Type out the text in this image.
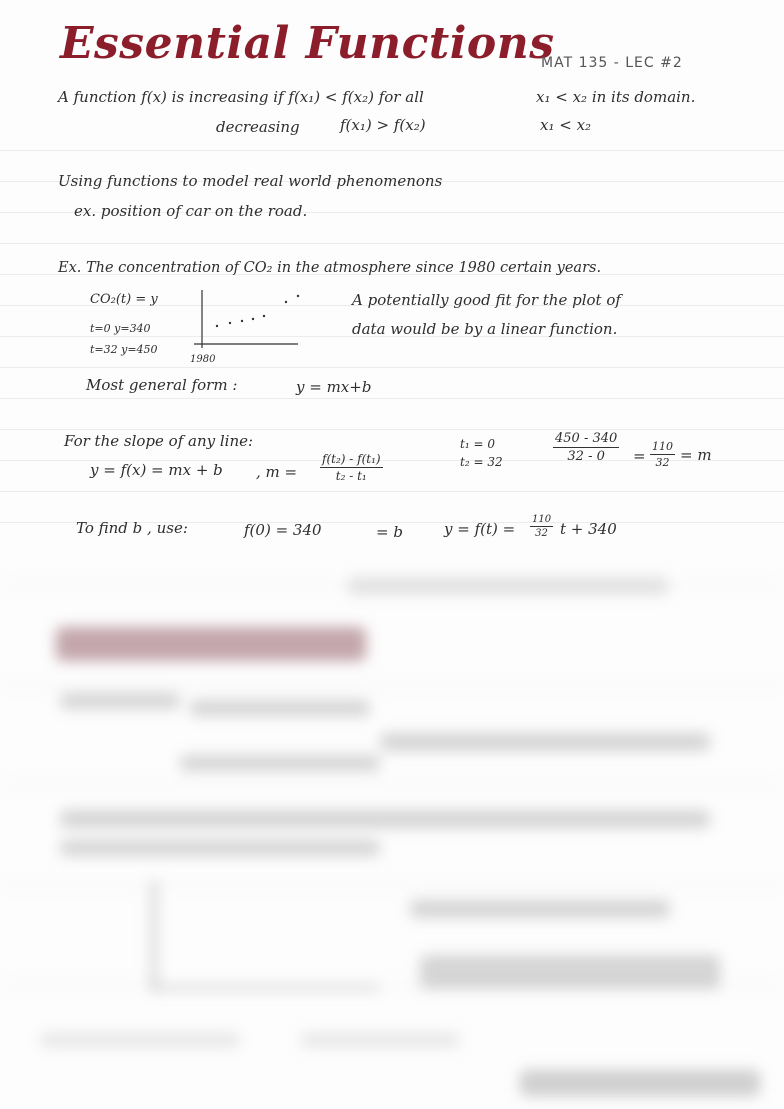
Essential Functions
MAT 135 - LEC #2
A function f(x) is increasing if f(x₁) < f(x₂) for all	x₁ < x₂ in its domain.
decreasing	f(x₁) > f(x₂)	x₁ < x₂
Using functions to model real world phenomenons
ex. position of car on the road.
Ex. The concentration of CO₂ in the atmosphere since 1980 certain years.
CO₂(t) = y
t=0 y=340
t=32 y=450
1980
A potentially good fit for the plot of
data would be by a linear function.
Most general form :	y = mx+b
For the slope of any line:
y = f(x) = mx + b , $m = \frac{\text{f(t₂) - f(t₁)}}{\text{t₂ - t₁}}$
t₁ = 0
t₂ = 32	$\frac{450 - 340}{32 - 0} = \frac{110}{32} = m$
To find b , use:	f(0) = 340	= b	$y = f(t) = \frac{110}{32}$ t + 340
